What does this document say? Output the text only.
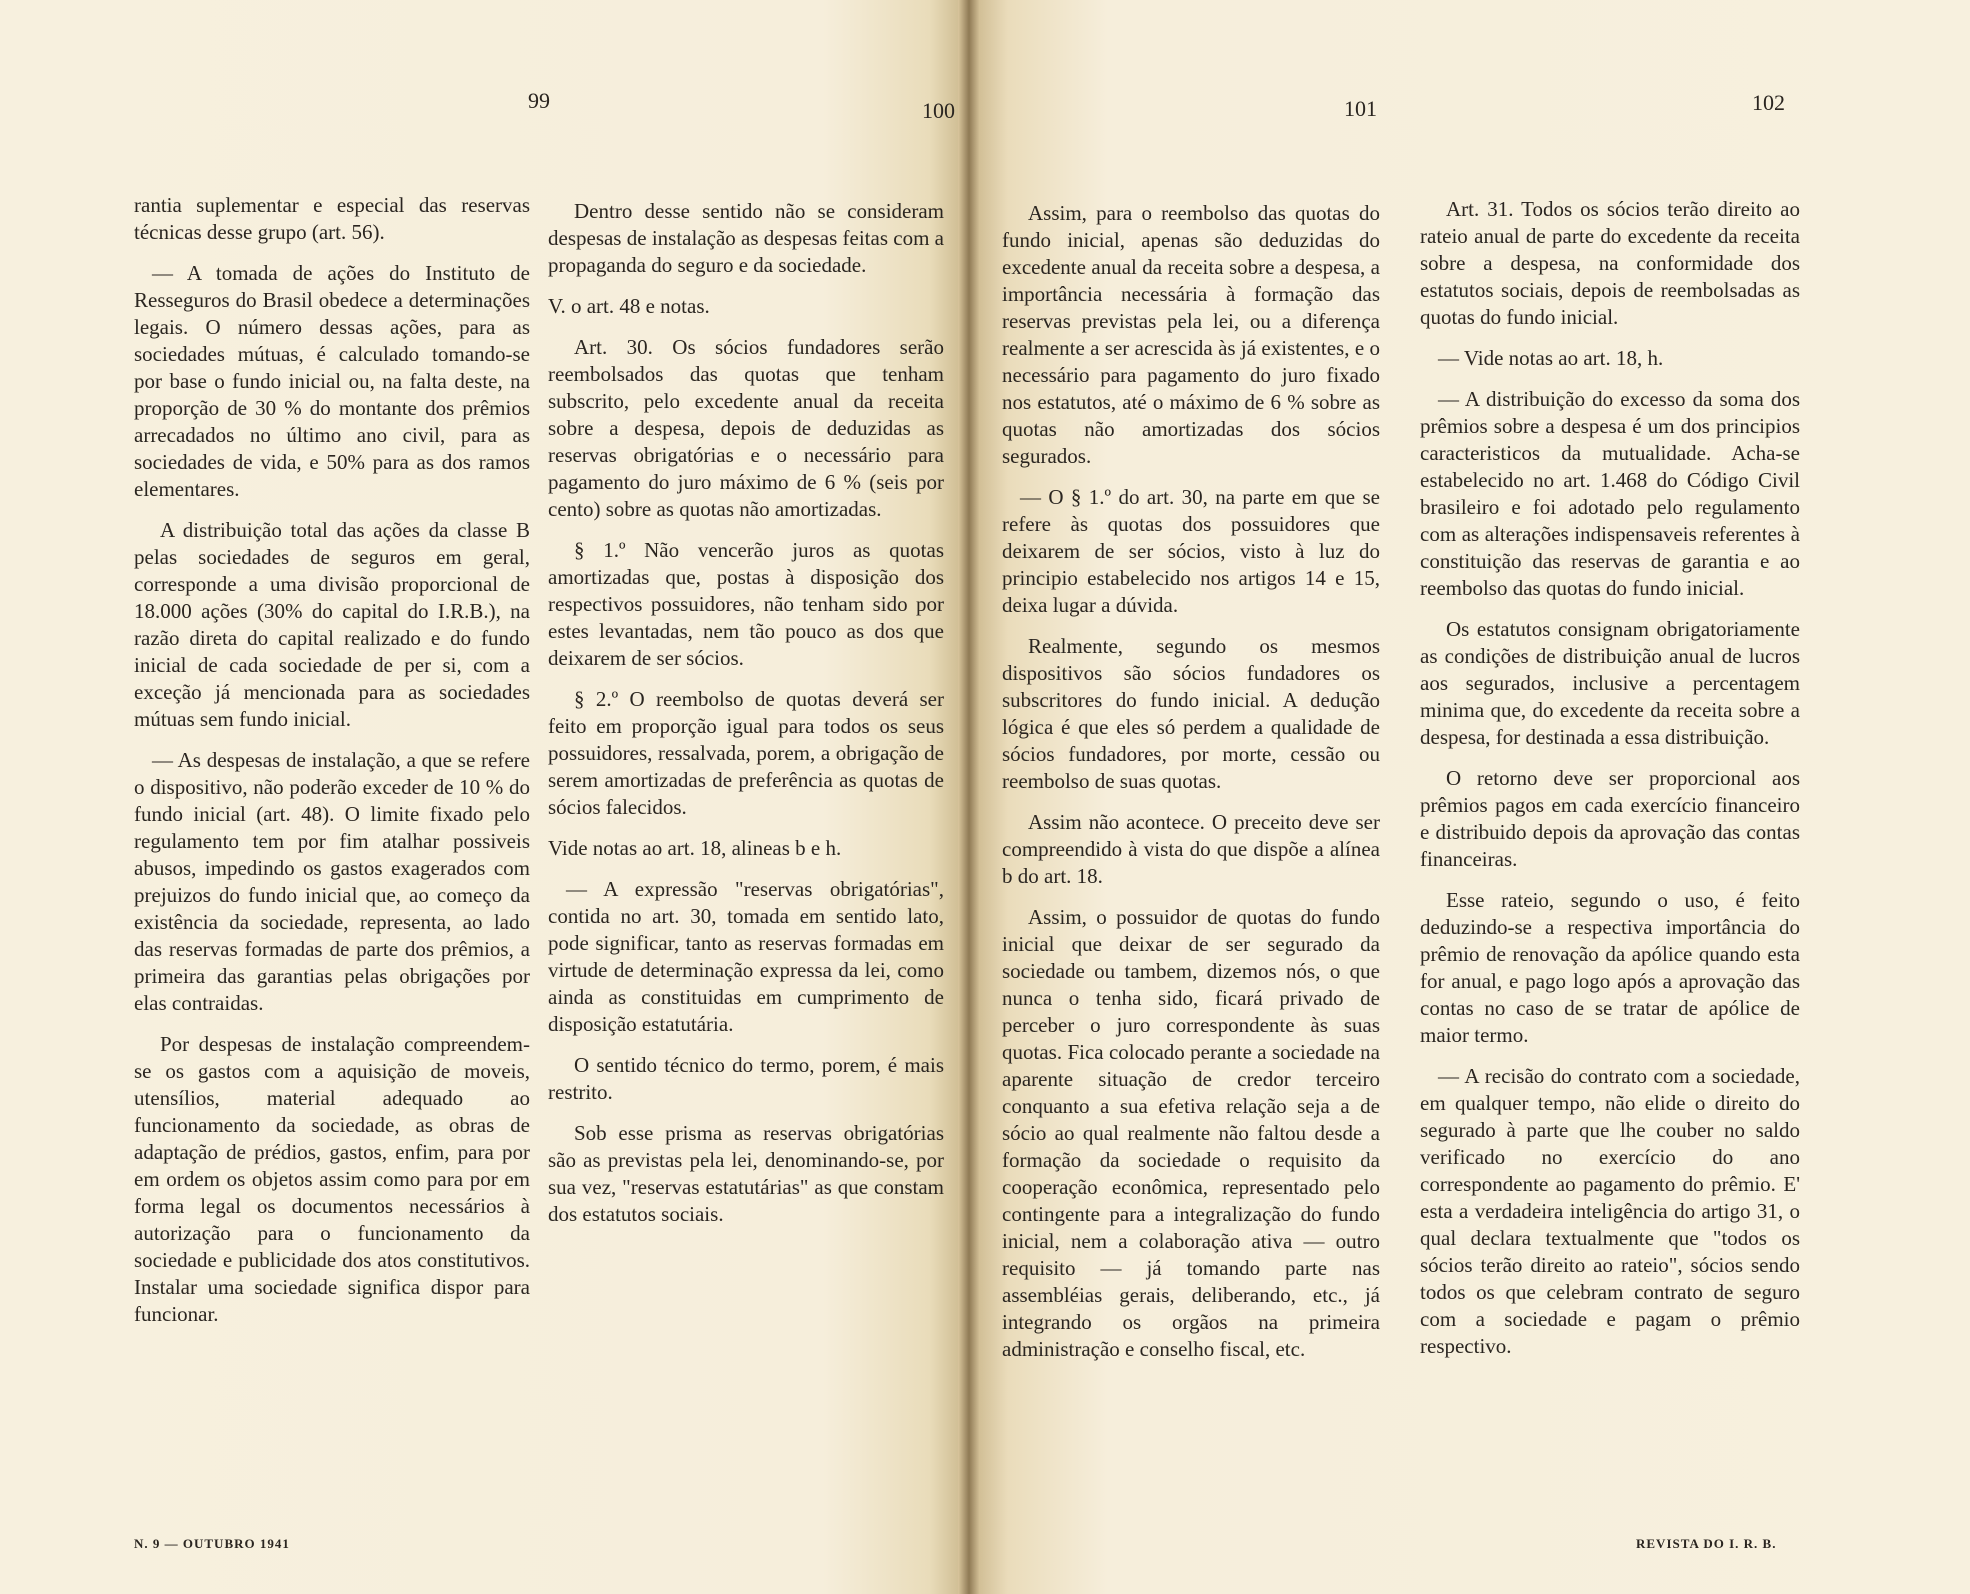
99	100	101	102

rantia suplementar e especial das reservas técnicas desse grupo (art. 56).

— A tomada de ações do Instituto de Resseguros do Brasil obedece a determinações legais. O número dessas ações, para as sociedades mútuas, é calculado tomando-se por base o fundo inicial ou, na falta deste, na proporção de 30 % do montante dos prêmios arrecadados no último ano civil, para as sociedades de vida, e 50% para as dos ramos elementares.

A distribuição total das ações da classe B pelas sociedades de seguros em geral, corresponde a uma divisão proporcional de 18.000 ações (30% do capital do I.R.B.), na razão direta do capital realizado e do fundo inicial de cada sociedade de per si, com a exceção já mencionada para as sociedades mútuas sem fundo inicial.

— As despesas de instalação, a que se refere o dispositivo, não poderão exceder de 10 % do fundo inicial (art. 48). O limite fixado pelo regulamento tem por fim atalhar possiveis abusos, impedindo os gastos exagerados com prejuizos do fundo inicial que, ao começo da existência da sociedade, representa, ao lado das reservas formadas de parte dos prêmios, a primeira das garantias pelas obrigações por elas contraidas.

Por despesas de instalação compreendem-se os gastos com a aquisição de moveis, utensílios, material adequado ao funcionamento da sociedade, as obras de adaptação de prédios, gastos, enfim, para por em ordem os objetos assim como para por em forma legal os documentos necessários à autorização para o funcionamento da sociedade e publicidade dos atos constitutivos. Instalar uma sociedade significa dispor para funcionar.

Dentro desse sentido não se consideram despesas de instalação as despesas feitas com a propaganda do seguro e da sociedade.

V. o art. 48 e notas.

Art. 30. Os sócios fundadores serão reembolsados das quotas que tenham subscrito, pelo excedente anual da receita sobre a despesa, depois de deduzidas as reservas obrigatórias e o necessário para pagamento do juro máximo de 6 % (seis por cento) sobre as quotas não amortizadas.

§ 1.º Não vencerão juros as quotas amortizadas que, postas à disposição dos respectivos possuidores, não tenham sido por estes levantadas, nem tão pouco as dos que deixarem de ser sócios.

§ 2.º O reembolso de quotas deverá ser feito em proporção igual para todos os seus possuidores, ressalvada, porem, a obrigação de serem amortizadas de preferência as quotas de sócios falecidos.

Vide notas ao art. 18, alineas b e h.

— A expressão "reservas obrigatórias", contida no art. 30, tomada em sentido lato, pode significar, tanto as reservas formadas em virtude de determinação expressa da lei, como ainda as constituidas em cumprimento de disposição estatutária.

O sentido técnico do termo, porem, é mais restrito.

Sob esse prisma as reservas obrigatórias são as previstas pela lei, denominando-se, por sua vez, "reservas estatutárias" as que constam dos estatutos sociais.

Assim, para o reembolso das quotas do fundo inicial, apenas são deduzidas do excedente anual da receita sobre a despesa, a importância necessária à formação das reservas previstas pela lei, ou a diferença realmente a ser acrescida às já existentes, e o necessário para pagamento do juro fixado nos estatutos, até o máximo de 6 % sobre as quotas não amortizadas dos sócios segurados.

— O § 1.º do art. 30, na parte em que se refere às quotas dos possuidores que deixarem de ser sócios, visto à luz do principio estabelecido nos artigos 14 e 15, deixa lugar a dúvida.

Realmente, segundo os mesmos dispositivos são sócios fundadores os subscritores do fundo inicial. A dedução lógica é que eles só perdem a qualidade de sócios fundadores, por morte, cessão ou reembolso de suas quotas.

Assim não acontece. O preceito deve ser compreendido à vista do que dispõe a alínea b do art. 18.

Assim, o possuidor de quotas do fundo inicial que deixar de ser segurado da sociedade ou tambem, dizemos nós, o que nunca o tenha sido, ficará privado de perceber o juro correspondente às suas quotas. Fica colocado perante a sociedade na aparente situação de credor terceiro conquanto a sua efetiva relação seja a de sócio ao qual realmente não faltou desde a formação da sociedade o requisito da cooperação econômica, representado pelo contingente para a integralização do fundo inicial, nem a colaboração ativa — outro requisito — já tomando parte nas assembléias gerais, deliberando, etc., já integrando os orgãos na primeira administração e conselho fiscal, etc.

Art. 31. Todos os sócios terão direito ao rateio anual de parte do excedente da receita sobre a despesa, na conformidade dos estatutos sociais, depois de reembolsadas as quotas do fundo inicial.

— Vide notas ao art. 18, h.

— A distribuição do excesso da soma dos prêmios sobre a despesa é um dos principios caracteristicos da mutualidade. Acha-se estabelecido no art. 1.468 do Código Civil brasileiro e foi adotado pelo regulamento com as alterações indispensaveis referentes à constituição das reservas de garantia e ao reembolso das quotas do fundo inicial.

Os estatutos consignam obrigatoriamente as condições de distribuição anual de lucros aos segurados, inclusive a percentagem minima que, do excedente da receita sobre a despesa, for destinada a essa distribuição.

O retorno deve ser proporcional aos prêmios pagos em cada exercício financeiro e distribuido depois da aprovação das contas financeiras.

Esse rateio, segundo o uso, é feito deduzindo-se a respectiva importância do prêmio de renovação da apólice quando esta for anual, e pago logo após a aprovação das contas no caso de se tratar de apólice de maior termo.

— A recisão do contrato com a sociedade, em qualquer tempo, não elide o direito do segurado à parte que lhe couber no saldo verificado no exercício do ano correspondente ao pagamento do prêmio. E' esta a verdadeira inteligência do artigo 31, o qual declara textualmente que "todos os sócios terão direito ao rateio", sócios sendo todos os que celebram contrato de seguro com a sociedade e pagam o prêmio respectivo.

N. 9 — OUTUBRO 1941	REVISTA DO I. R. B.
